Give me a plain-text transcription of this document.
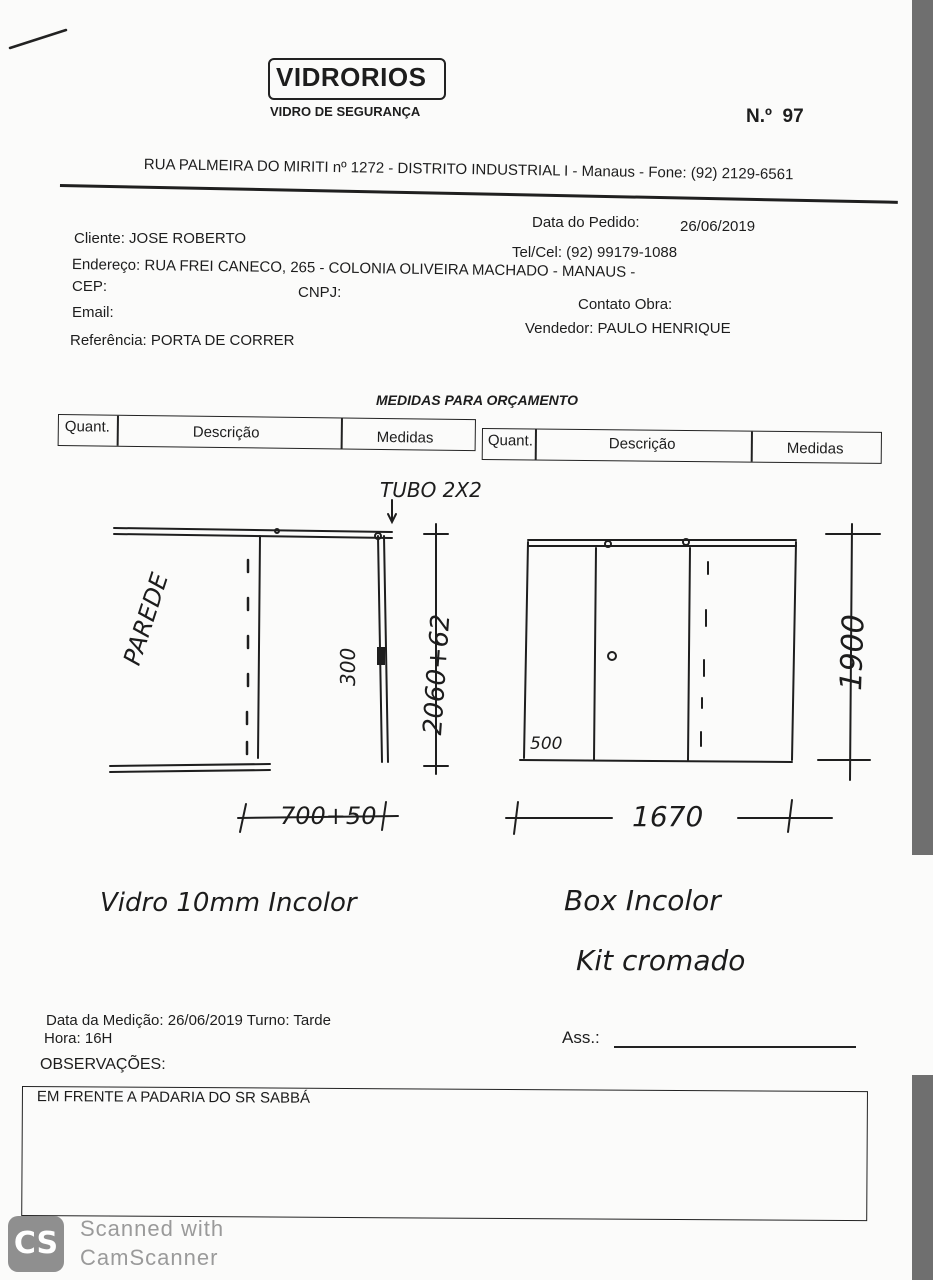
VIDRORIOS
VIDRO DE SEGURANÇA	N.º 97
RUA PALMEIRA DO MIRITI nº 1272 - DISTRITO INDUSTRIAL I - Manaus - Fone: (92) 2129-6561
Data do Pedido:	26/06/2019
Cliente: JOSE ROBERTO
Tel/Cel: (92) 99179-1088
Endereço: RUA FREI CANECO, 265 - COLONIA OLIVEIRA MACHADO - MANAUS -
CEP:	CNPJ:
Contato Obra:
Email:
Vendedor: PAULO HENRIQUE
Referência: PORTA DE CORRER
MEDIDAS PARA ORÇAMENTO
Quant.	Descrição	Medidas	Quant.	Descrição	Medidas
TUBO 2X2
PAREDE	300 2060+62
700+50
500
1900
1670
Vidro 10mm Incolor	Box Incolor
Kit cromado
Data da Medição: 26/06/2019 Turno: Tarde
Hora: 16H	Ass.:
OBSERVAÇÕES:
EM FRENTE A PADARIA DO SR SABBÁ
CS Scanned with
CamScanner
